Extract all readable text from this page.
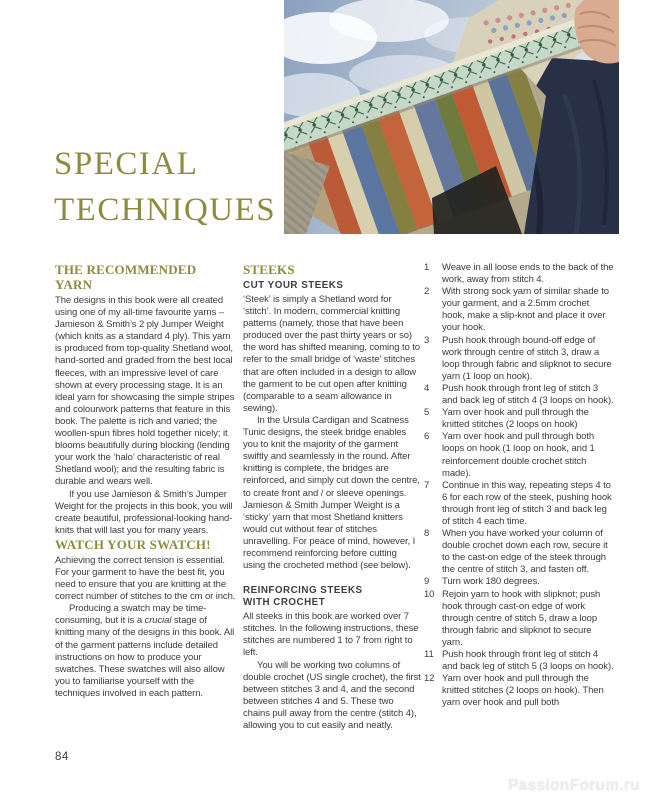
SPECIAL
TECHNIQUES
THE RECOMMENDED YARN

The designs in this book were all created using one of my all-time favourite yarns – Jamieson & Smith’s 2 ply Jumper Weight (which knits as a standard 4 ply). This yarn is produced from top-quality Shetland wool, hand-sorted and graded from the best local fleeces, with an impressive level of care shown at every processing stage. It is an ideal yarn for showcasing the simple stripes and colourwork patterns that feature in this book. The palette is rich and varied; the woollen-spun fibres hold together nicely; it blooms beautifully during blocking (lending your work the ‘halo’ characteristic of real Shetland wool); and the resulting fabric is durable and wears well.

If you use Jamieson & Smith’s Jumper Weight for the projects in this book, you will create beautiful, professional-looking hand-knits that will last you for many years.

WATCH YOUR SWATCH!

Achieving the correct tension is essential. For your garment to have the best fit, you need to ensure that you are knitting at the correct number of stitches to the cm or inch.

Producing a swatch may be time-consuming, but it is a crucial stage of knitting many of the designs in this book. All of the garment patterns include detailed instructions on how to produce your swatches. These swatches will also allow you to familiarise yourself with the techniques involved in each pattern.

STEEKS
CUT YOUR STEEKS

‘Steek’ is simply a Shetland word for ‘stitch’. In modern, commercial knitting patterns (namely, those that have been produced over the past thirty years or so) the word has shifted meaning, coming to to refer to the small bridge of ‘waste’ stitches that are often included in a design to allow the garment to be cut open after knitting (comparable to a seam allowance in sewing).

In the Ursula Cardigan and Scatness Tunic designs, the steek bridge enables you to knit the majority of the garment swiftly and seamlessly in the round. After knitting is complete, the bridges are reinforced, and simply cut down the centre, to create front and / or sleeve openings. Jamieson & Smith Jumper Weight is a ‘sticky’ yarn that most Shetland knitters would cut without fear of stitches unravelling. For peace of mind, however, I recommend reinforcing before cutting using the crocheted method (see below).

REINFORCING STEEKS
WITH CROCHET

All steeks in this book are worked over 7 stitches. In the following instructions, these stitches are numbered 1 to 7 from right to left.

You will be working two columns of double crochet (US single crochet), the first between stitches 3 and 4, and the second between stitches 4 and 5. These two chains pull away from the centre (stitch 4), allowing you to cut easily and neatly.

1	Weave in all loose ends to the back of the work, away from stitch 4.
2	With strong sock yarn of similar shade to your garment, and a 2.5mm crochet hook, make a slip-knot and place it over your hook.
3	Push hook through bound-off edge of work through centre of stitch 3, draw a loop through fabric and slipknot to secure yarn (1 loop on hook).
4	Push hook through front leg of stitch 3 and back leg of stitch 4 (3 loops on hook).
5	Yarn over hook and pull through the knitted stitches (2 loops on hook)
6	Yarn over hook and pull through both loops on hook (1 loop on hook, and 1 reinforcement double crochet stitch made).
7	Continue in this way, repeating steps 4 to 6 for each row of the steek, pushing hook through front leg of stitch 3 and back leg of stitch 4 each time.
8	When you have worked your column of double crochet down each row, secure it to the cast-on edge of the steek through the centre of stitch 3, and fasten off.
9	Turn work 180 degrees.
10 Rejoin yarn to hook with slipknot; push hook through cast-on edge of work through centre of stitch 5, draw a loop through fabric and slipknot to secure yarn.
11 Push hook through front leg of stitch 4 and back leg of stitch 5 (3 loops on hook).
12 Yarn over hook and pull through the knitted stitches (2 loops on hook). Then yarn over hook and pull both
84
PassionForum.ru
